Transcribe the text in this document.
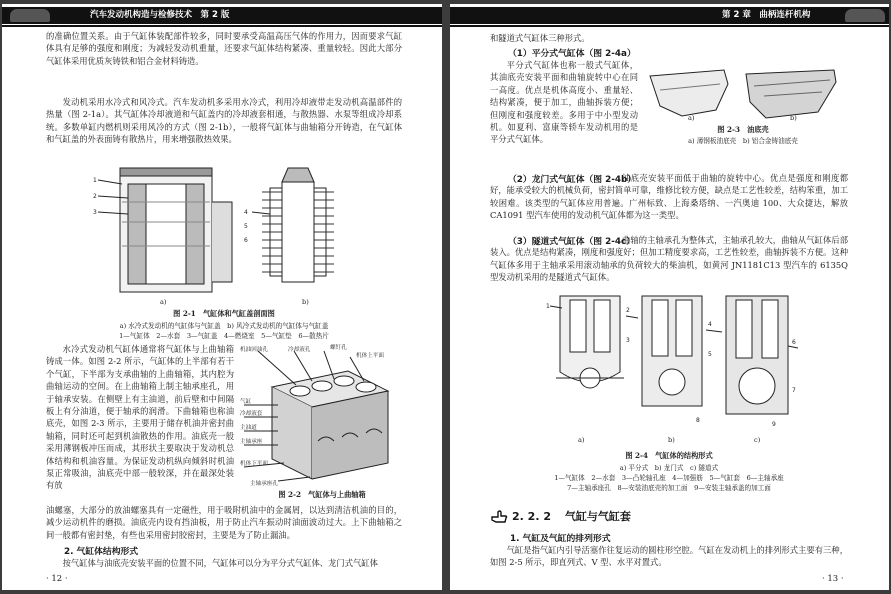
汽车发动机构造与检修技术　第 2 版

的准确位置关系。由于气缸体装配部件较多，同时要承受高温高压气体的作用力，因而要求气缸体具有足够的强度和刚度；为减轻发动机重量，还要求气缸体结构紧凑、重量较轻。因此大部分气缸体采用优质灰铸铁和铝合金材料铸造。

发动机采用水冷式和风冷式。汽车发动机多采用水冷式，利用冷却液带走发动机高温部件的热量（图 2-1a）。其气缸体冷却液道和气缸盖内的冷却液套相通，与散热器、水泵等组成冷却系统。多数单缸内燃机则采用风冷的方式（图 2-1b），一般将气缸体与曲轴箱分开铸造，在气缸体和气缸盖的外表面铸有散热片，用来增强散热效果。

1
2
3	4
5
6
a)	b)
图 2-1　气缸体和气缸盖剖面图
a) 水冷式发动机的气缸体与气缸盖　b) 风冷式发动机的气缸体与气缸盖
1—气缸体　2—水套　3—气缸盖　4—燃烧室　5—气缸垫　6—散热片

水冷式发动机气缸体通常将气缸体与上曲轴箱铸成一体。如图 2-2 所示，气缸体的上半部有若干个气缸，下半部为支承曲轴的上曲轴箱，其内腔为曲轴运动的空间。在上曲轴箱上制主轴承座孔，用于轴承安装。在侧壁上有主油道，前后壁和中间隔板上有分油道，便于轴承的润滑。下曲轴箱也称油底壳，如图 2-3 所示，主要用于储存机油并密封曲轴箱，同时还可起到机油散热的作用。油底壳一般采用薄钢板冲压而成，其形状主要取决于发动机总体结构和机油容量。为保证发动机纵向倾斜时机油泵正常吸油，油底壳中部一般较深，并在最深处装有放

机油回油孔	冷却液孔	螺钉孔
机体上平面
气缸
冷却液套
主油道
主轴承座
机体下平面
主轴承座孔
图 2-2　气缸体与上曲轴箱

油螺塞，大部分的放油螺塞具有一定磁性，用于吸附机油中的金属屑，以达到清洁机油的目的，减少运动机件的磨损。油底壳内设有挡油板，用于防止汽车振动时油面波动过大。上下曲轴箱之间一般都有密封垫，有些也采用密封胶密封，主要是为了防止漏油。

2. 气缸体结构形式

按气缸体与油底壳安装平面的位置不同，气缸体可以分为平分式气缸体、龙门式气缸体

· 12 ·
第 2 章　曲柄连杆机构

和隧道式气缸体三种形式。

（1）平分式气缸体（图 2-4a）

平分式气缸体也称一般式气缸体，其油底壳安装平面和曲轴旋转中心在同一高度。优点是机体高度小、重量轻、结构紧凑，便于加工，曲轴拆装方便；但刚度和强度较差。多用于中小型发动机。如夏利、富康等轿车发动机用的是平分式气缸体。

a)	b)
图 2-3　油底壳
a) 薄钢板油底壳　b) 铝合金铸油底壳
（2）龙门式气缸体（图 2-4b）

油底壳安装平面低于曲轴的旋转中心。优点是强度和刚度都好，能承受较大的机械负荷，密封简单可靠，维修比较方便，缺点是工艺性较差，结构笨重，加工较困难。该类型的气缸体应用普遍。广州标致、上海桑塔纳、一汽奥迪 100、大众捷达，解放 CA1091 型汽车使用的发动机气缸体都为这一类型。

（3）隧道式气缸体（图 2-4c）

曲轴的主轴承孔为整体式，主轴承孔较大，曲轴从气缸体后部装入。优点是结构紧凑，刚度和强度好；但加工精度要求高，工艺性较差，曲轴拆装不方便。这种气缸体多用于主轴承采用滚动轴承的负荷较大的柴油机，如黄河 JN1181C13 型汽车的 6135Q 型发动机采用的是隧道式气缸体。

1
2
3
4
5
6
7
8
9
a)	b)	c)
图 2-4　气缸体的结构形式
a) 平分式　b) 龙门式　c) 隧道式
1—气缸体　2—水套　3—凸轮轴孔座　4—加强筋　5—气缸套　6—主轴承座
7—主轴承座孔　8—安装油底壳的加工面　9—安装主轴承盖的加工面
2. 2. 2 气缸与气缸套
1. 气缸及气缸的排列形式

气缸是指气缸内引导活塞作往复运动的圆柱形空腔。气缸在发动机上的排列形式主要有三种，如图 2-5 所示，即直列式、V 型、水平对置式。

· 13 ·
